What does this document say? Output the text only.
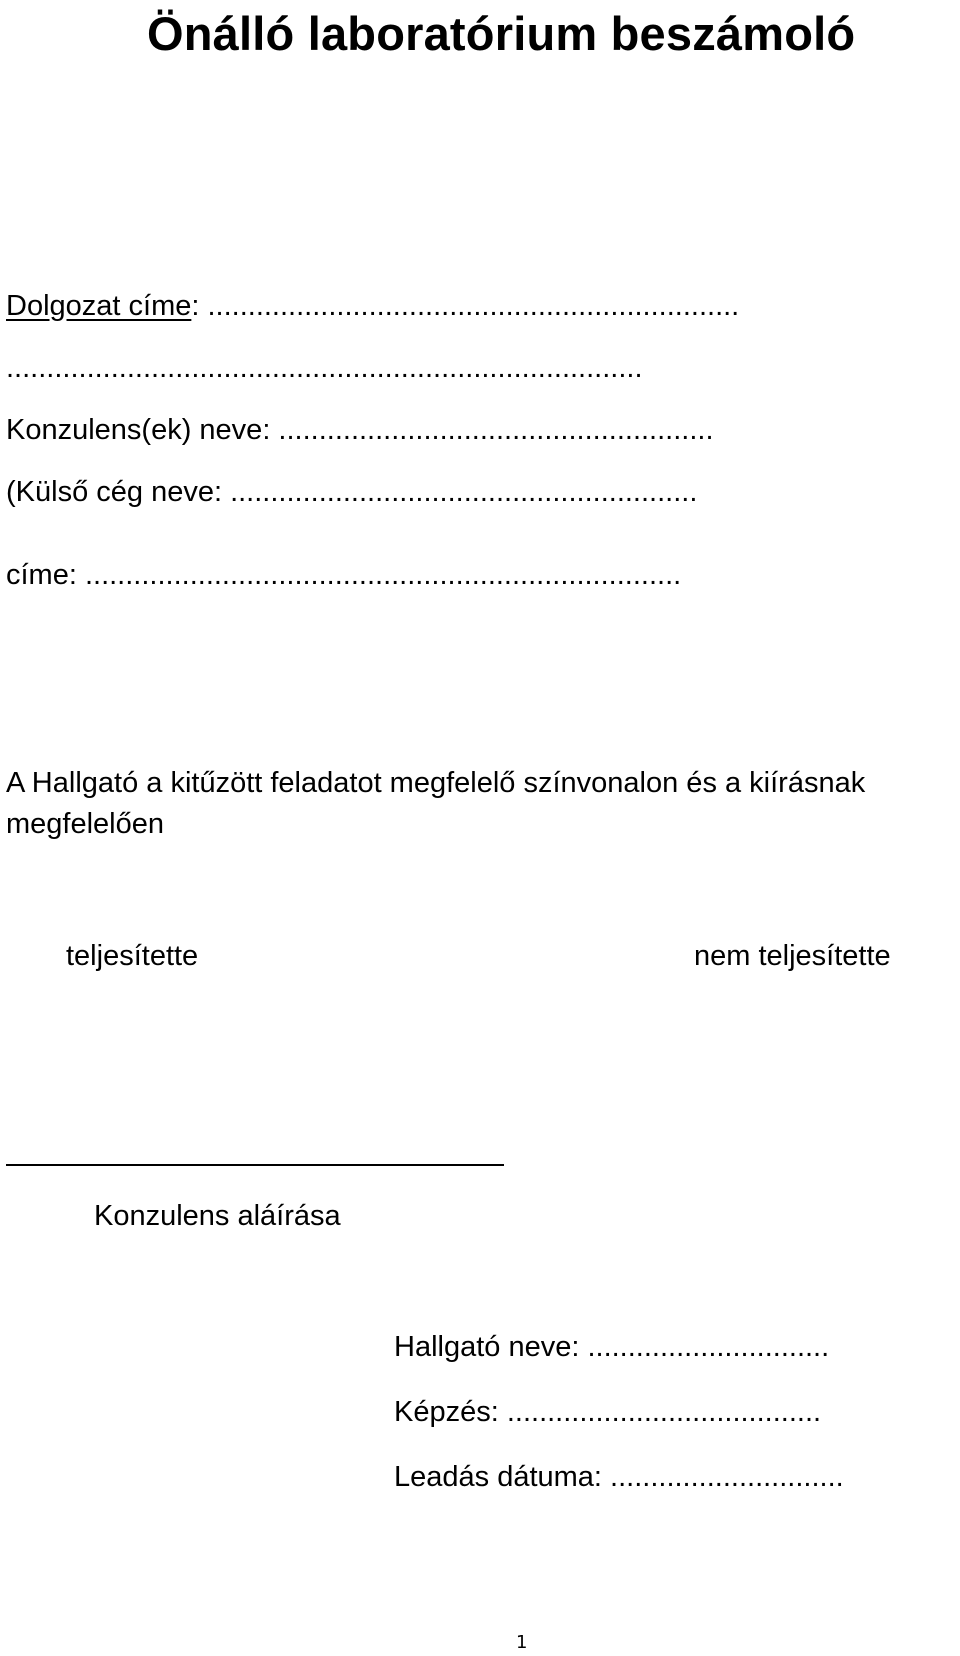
Önálló laboratórium beszámoló
Dolgozat címe: ..................................................................
...............................................................................
Konzulens(ek) neve: ......................................................
(Külső cég neve: ..........................................................
címe: ..........................................................................
A Hallgató a kitűzött feladatot megfelelő színvonalon és a kiírásnak
megfelelően
teljesítette	nem teljesítette
Konzulens aláírása
Hallgató neve: ..............................
Képzés: .......................................
Leadás dátuma: .............................
1
